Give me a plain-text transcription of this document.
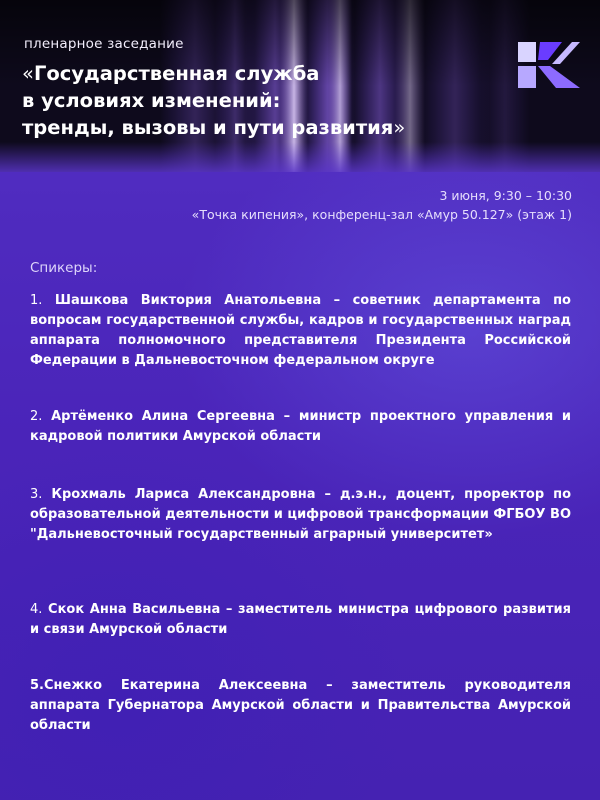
пленарное заседание
«Государственная служба
в условиях изменений:
тренды, вызовы и пути развития»
3 июня, 9:30 – 10:30
«Точка кипения», конференц-зал «Амур 50.127» (этаж 1)
Спикеры:
1. Шашкова Виктория Анатольевна – советник департамента по вопросам государственной службы, кадров и государственных наград аппарата полномочного представителя Президента Российской Федерации в Дальневосточном федеральном округе
2. Артёменко Алина Сергеевна – министр проектного управления и кадровой политики Амурской области
3. Крохмаль Лариса Александровна – д.э.н., доцент, проректор по образовательной деятельности и цифровой трансформации ФГБОУ ВО "Дальневосточный государственный аграрный университет»
4. Скок Анна Васильевна – заместитель министра цифрового развития и связи Амурской области
5.Снежко Екатерина Алексеевна – заместитель руководителя аппарата Губернатора Амурской области и Правительства Амурской области
